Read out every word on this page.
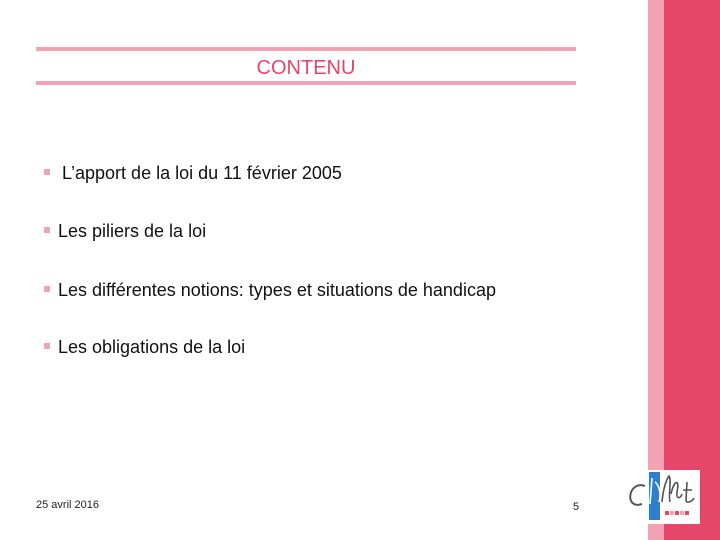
CONTENU
L’apport de la loi du 11 février 2005
Les piliers de la loi
Les différentes notions: types et situations de handicap
Les obligations de la loi
25 avril 2016	5
